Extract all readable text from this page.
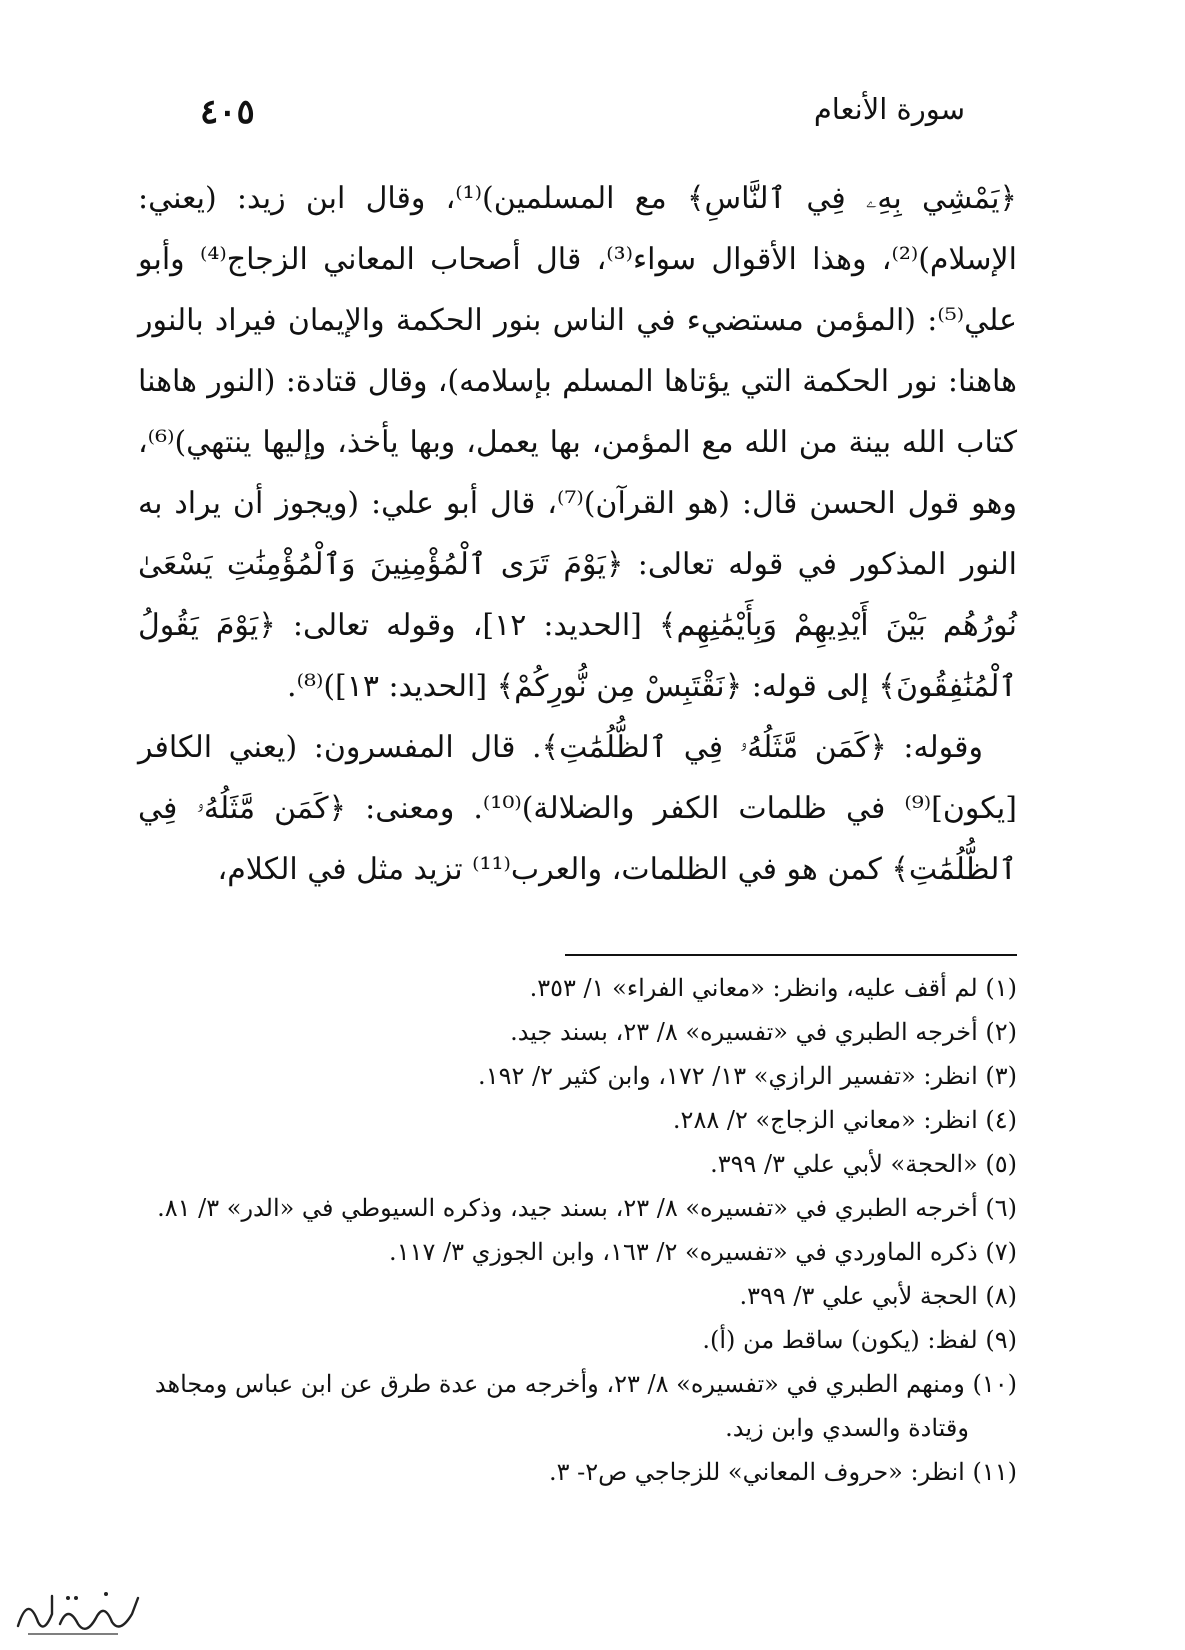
سورة الأنعام
٤٠٥

﴿يَمْشِي بِهِۦ فِي ٱلنَّاسِ﴾ مع المسلمين)⁽¹⁾، وقال ابن زيد: (يعني: الإسلام)⁽²⁾، وهذا الأقوال سواء⁽³⁾، قال أصحاب المعاني الزجاج⁽⁴⁾ وأبو علي⁽⁵⁾: (المؤمن مستضيء في الناس بنور الحكمة والإيمان فيراد بالنور هاهنا: نور الحكمة التي يؤتاها المسلم بإسلامه)، وقال قتادة: (النور هاهنا كتاب الله بينة من الله مع المؤمن، بها يعمل، وبها يأخذ، وإليها ينتهي)⁽⁶⁾، وهو قول الحسن قال: (هو القرآن)⁽⁷⁾، قال أبو علي: (ويجوز أن يراد به النور المذكور في قوله تعالى: ﴿يَوْمَ تَرَى ٱلْمُؤْمِنِينَ وَٱلْمُؤْمِنَٰتِ يَسْعَىٰ نُورُهُم بَيْنَ أَيْدِيهِمْ وَبِأَيْمَٰنِهِم﴾ [الحديد: ١٢]، وقوله تعالى: ﴿يَوْمَ يَقُولُ ٱلْمُنَٰفِقُونَ﴾ إلى قوله: ﴿نَقْتَبِسْ مِن نُّورِكُمْ﴾ [الحديد: ١٣])⁽⁸⁾.

وقوله: ﴿كَمَن مَّثَلُهُۥ فِي ٱلظُّلُمَٰتِ﴾. قال المفسرون: (يعني الكافر [يكون]⁽⁹⁾ في ظلمات الكفر والضلالة)⁽¹⁰⁾. ومعنى: ﴿كَمَن مَّثَلُهُۥ فِي ٱلظُّلُمَٰتِ﴾ كمن هو في الظلمات، والعرب⁽¹¹⁾ تزيد مثل في الكلام،

(١) لم أقف عليه، وانظر: «معاني الفراء» ١/ ٣٥٣.

(٢) أخرجه الطبري في «تفسيره» ٨/ ٢٣، بسند جيد.

(٣) انظر: «تفسير الرازي» ١٣/ ١٧٢، وابن كثير ٢/ ١٩٢.

(٤) انظر: «معاني الزجاج» ٢/ ٢٨٨.

(٥) «الحجة» لأبي علي ٣/ ٣٩٩.

(٦) أخرجه الطبري في «تفسيره» ٨/ ٢٣، بسند جيد، وذكره السيوطي في «الدر» ٣/ ٨١.

(٧) ذكره الماوردي في «تفسيره» ٢/ ١٦٣، وابن الجوزي ٣/ ١١٧.

(٨) الحجة لأبي علي ٣/ ٣٩٩.

(٩) لفظ: (يكون) ساقط من (أ).

(١٠) ومنهم الطبري في «تفسيره» ٨/ ٢٣، وأخرجه من عدة طرق عن ابن عباس ومجاهد
وقتادة والسدي وابن زيد.

(١١) انظر: «حروف المعاني» للزجاجي ص٢- ٣.
